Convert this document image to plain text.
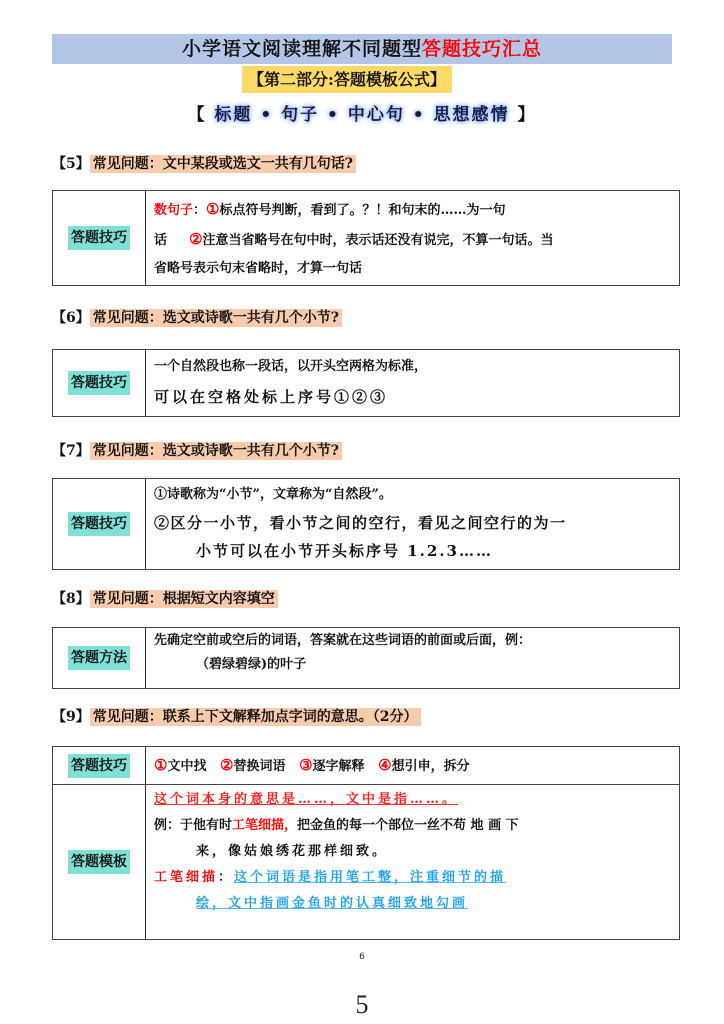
小学语文阅读理解不同题型答题技巧汇总
【第二部分:答题模板公式】
【 标题 • 句子 • 中心句 • 思想感情 】
【5】 常见问题：文中某段或选文一共有几句话?
答题技巧
数句子：①标点符号判断，看到了。？！和句末的……为一句
话　  ②注意当省略号在句中时，表示话还没有说完，不算一句话。当
省略号表示句末省略时，才算一句话
【6】 常见问题：选文或诗歌一共有几个小节?
答题技巧
一个自然段也称一段话，以开头空两格为标准，
可以在空格处标上序号①②③
【7】 常见问题：选文或诗歌一共有几个小节?
答题技巧
①诗歌称为“小节”，文章称为“自然段”。
②区分一小节，看小节之间的空行，看见之间空行的为一
小节可以在小节开头标序号 1.2.3……
【8】 常见问题：根据短文内容填空
答题方法
先确定空前或空后的词语，答案就在这些词语的前面或后面，例：
（碧绿碧绿)的叶子
【9】 常见问题：联系上下文解释加点字词的意思。（2分）
答题技巧	①文中找 ②替换词语 ③逐字解释 ④想引申，拆分
答题模板
这个词本身的意思是……，文中是指……。
例：于他有时工笔细描，把金鱼的每一个部位一丝不苟 地 画 下
来，像姑娘绣花那样细致。
工笔细描：这个词语是指用笔工整，注重细节的描
绘，文中指画金鱼时的认真细致地勾画
6
5
